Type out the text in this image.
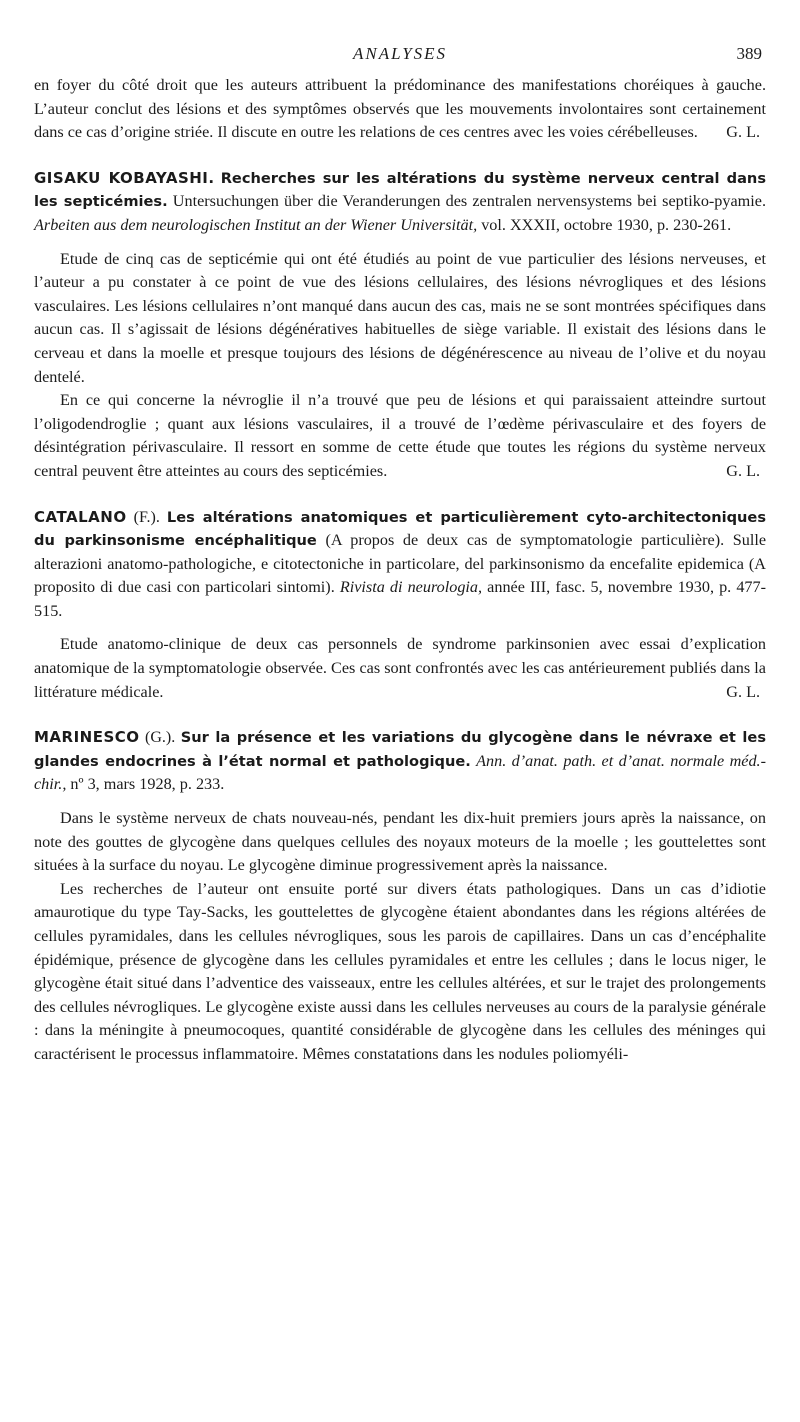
ANALYSES	389

en foyer du côté droit que les auteurs attribuent la prédominance des manifestations choréiques à gauche. L’auteur conclut des lésions et des symptômes observés que les mouvements involontaires sont certainement dans ce cas d’origine striée. Il discute en outre les relations de ces centres avec les voies cérébelleuses. G. L.

GISAKU KOBAYASHI. Recherches sur les altérations du système nerveux central dans les septicémies. Untersuchungen über die Veranderungen des zentralen nervensystems bei septiko-pyamie. Arbeiten aus dem neurologischen Institut an der Wiener Universität, vol. XXXII, octobre 1930, p. 230-261.

Etude de cinq cas de septicémie qui ont été étudiés au point de vue particulier des lésions nerveuses, et l’auteur a pu constater à ce point de vue des lésions cellulaires, des lésions névrogliques et des lésions vasculaires. Les lésions cellulaires n’ont manqué dans aucun des cas, mais ne se sont montrées spécifiques dans aucun cas. Il s’agissait de lésions dégénératives habituelles de siège variable. Il existait des lésions dans le cerveau et dans la moelle et presque toujours des lésions de dégénérescence au niveau de l’olive et du noyau dentelé.

En ce qui concerne la névroglie il n’a trouvé que peu de lésions et qui paraissaient atteindre surtout l’oligodendroglie ; quant aux lésions vasculaires, il a trouvé de l’œdème périvasculaire et des foyers de désintégration périvasculaire. Il ressort en somme de cette étude que toutes les régions du système nerveux central peuvent être atteintes au cours des septicémies.	G. L.

CATALANO (F.). Les altérations anatomiques et particulièrement cyto-architectoniques du parkinsonisme encéphalitique (A propos de deux cas de symptomatologie particulière). Sulle alterazioni anatomo-pathologiche, e citotectoniche in particolare, del parkinsonismo da encefalite epidemica (A proposito di due casi con particolari sintomi). Rivista di neurologia, année III, fasc. 5, novembre 1930, p. 477-515.

Etude anatomo-clinique de deux cas personnels de syndrome parkinsonien avec essai d’explication anatomique de la symptomatologie observée. Ces cas sont confrontés avec les cas antérieurement publiés dans la littérature médicale.	G. L.

MARINESCO (G.). Sur la présence et les variations du glycogène dans le névraxe et les glandes endocrines à l’état normal et pathologique. Ann. d’anat. path. et d’anat. normale méd.-chir., nº 3, mars 1928, p. 233.

Dans le système nerveux de chats nouveau-nés, pendant les dix-huit premiers jours après la naissance, on note des gouttes de glycogène dans quelques cellules des noyaux moteurs de la moelle ; les gouttelettes sont situées à la surface du noyau. Le glycogène diminue progressivement après la naissance.

Les recherches de l’auteur ont ensuite porté sur divers états pathologiques. Dans un cas d’idiotie amaurotique du type Tay-Sacks, les gouttelettes de glycogène étaient abondantes dans les régions altérées de cellules pyramidales, dans les cellules névrogliques, sous les parois de capillaires. Dans un cas d’encéphalite épidémique, présence de glycogène dans les cellules pyramidales et entre les cellules ; dans le locus niger, le glycogène était situé dans l’adventice des vaisseaux, entre les cellules altérées, et sur le trajet des prolongements des cellules névrogliques. Le glycogène existe aussi dans les cellules nerveuses au cours de la paralysie générale : dans la méningite à pneumocoques, quantité considérable de glycogène dans les cellules des méninges qui caractérisent le processus inflammatoire. Mêmes constatations dans les nodules poliomyéli-
